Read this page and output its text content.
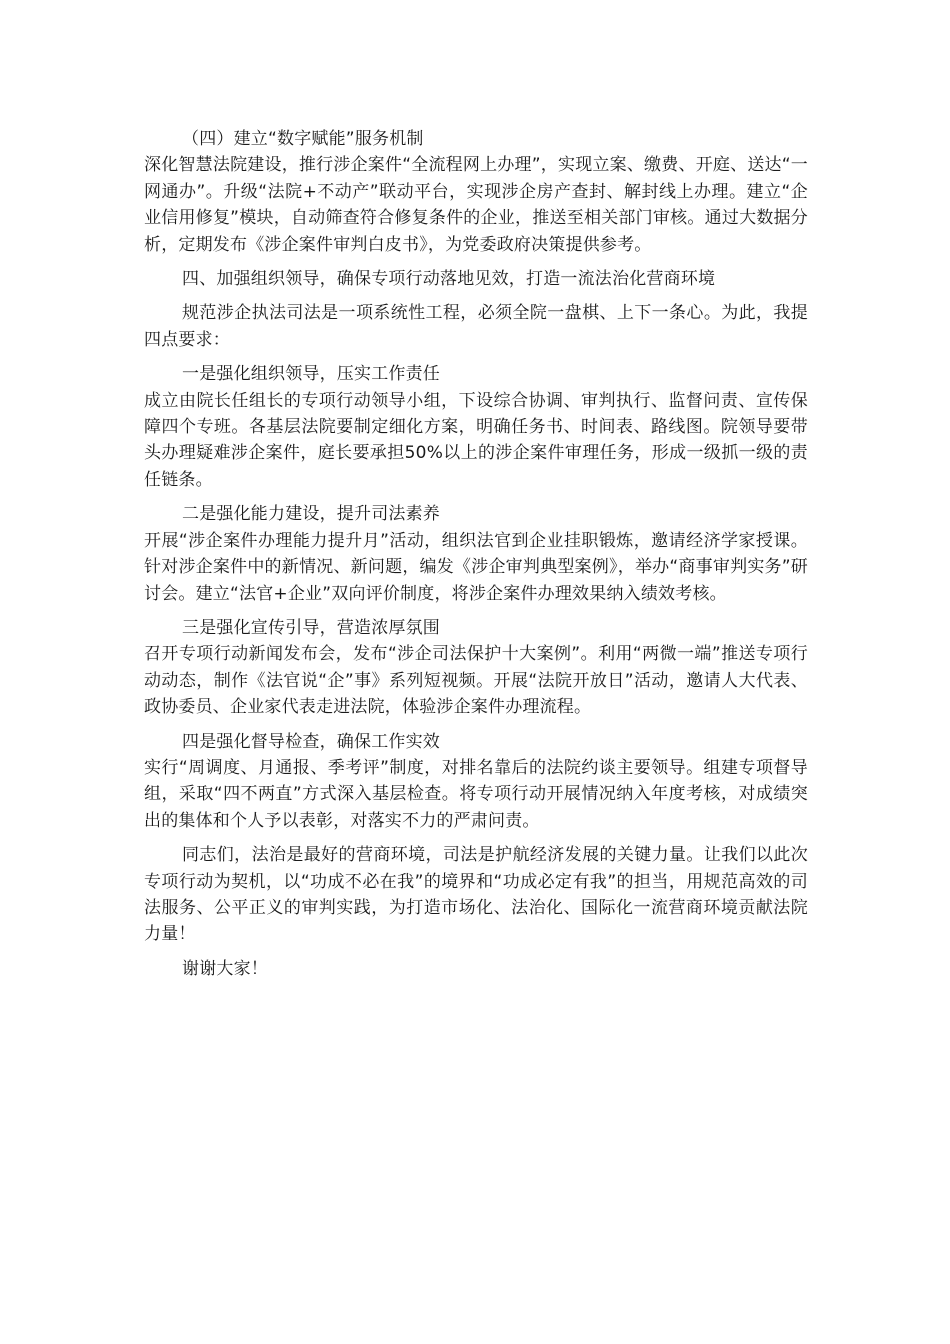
（四）建立“数字赋能”服务机制

深化智慧法院建设，推行涉企案件“全流程网上办理”，实现立案、缴费、开庭、送达“一网通办”。升级“法院+不动产”联动平台，实现涉企房产查封、解封线上办理。建立“企业信用修复”模块，自动筛查符合修复条件的企业，推送至相关部门审核。通过大数据分析，定期发布《涉企案件审判白皮书》，为党委政府决策提供参考。

四、加强组织领导，确保专项行动落地见效，打造一流法治化营商环境

规范涉企执法司法是一项系统性工程，必须全院一盘棋、上下一条心。为此，我提四点要求：

一是强化组织领导，压实工作责任

成立由院长任组长的专项行动领导小组，下设综合协调、审判执行、监督问责、宣传保障四个专班。各基层法院要制定细化方案，明确任务书、时间表、路线图。院领导要带头办理疑难涉企案件，庭长要承担50%以上的涉企案件审理任务，形成一级抓一级的责任链条。

二是强化能力建设，提升司法素养

开展“涉企案件办理能力提升月”活动，组织法官到企业挂职锻炼，邀请经济学家授课。针对涉企案件中的新情况、新问题，编发《涉企审判典型案例》，举办“商事审判实务”研讨会。建立“法官+企业”双向评价制度，将涉企案件办理效果纳入绩效考核。

三是强化宣传引导，营造浓厚氛围

召开专项行动新闻发布会，发布“涉企司法保护十大案例”。利用“两微一端”推送专项行动动态，制作《法官说“企”事》系列短视频。开展“法院开放日”活动，邀请人大代表、政协委员、企业家代表走进法院，体验涉企案件办理流程。

四是强化督导检查，确保工作实效

实行“周调度、月通报、季考评”制度，对排名靠后的法院约谈主要领导。组建专项督导组，采取“四不两直”方式深入基层检查。将专项行动开展情况纳入年度考核，对成绩突出的集体和个人予以表彰，对落实不力的严肃问责。

同志们，法治是最好的营商环境，司法是护航经济发展的关键力量。让我们以此次专项行动为契机，以“功成不必在我”的境界和“功成必定有我”的担当，用规范高效的司法服务、公平正义的审判实践，为打造市场化、法治化、国际化一流营商环境贡献法院力量！

谢谢大家！
